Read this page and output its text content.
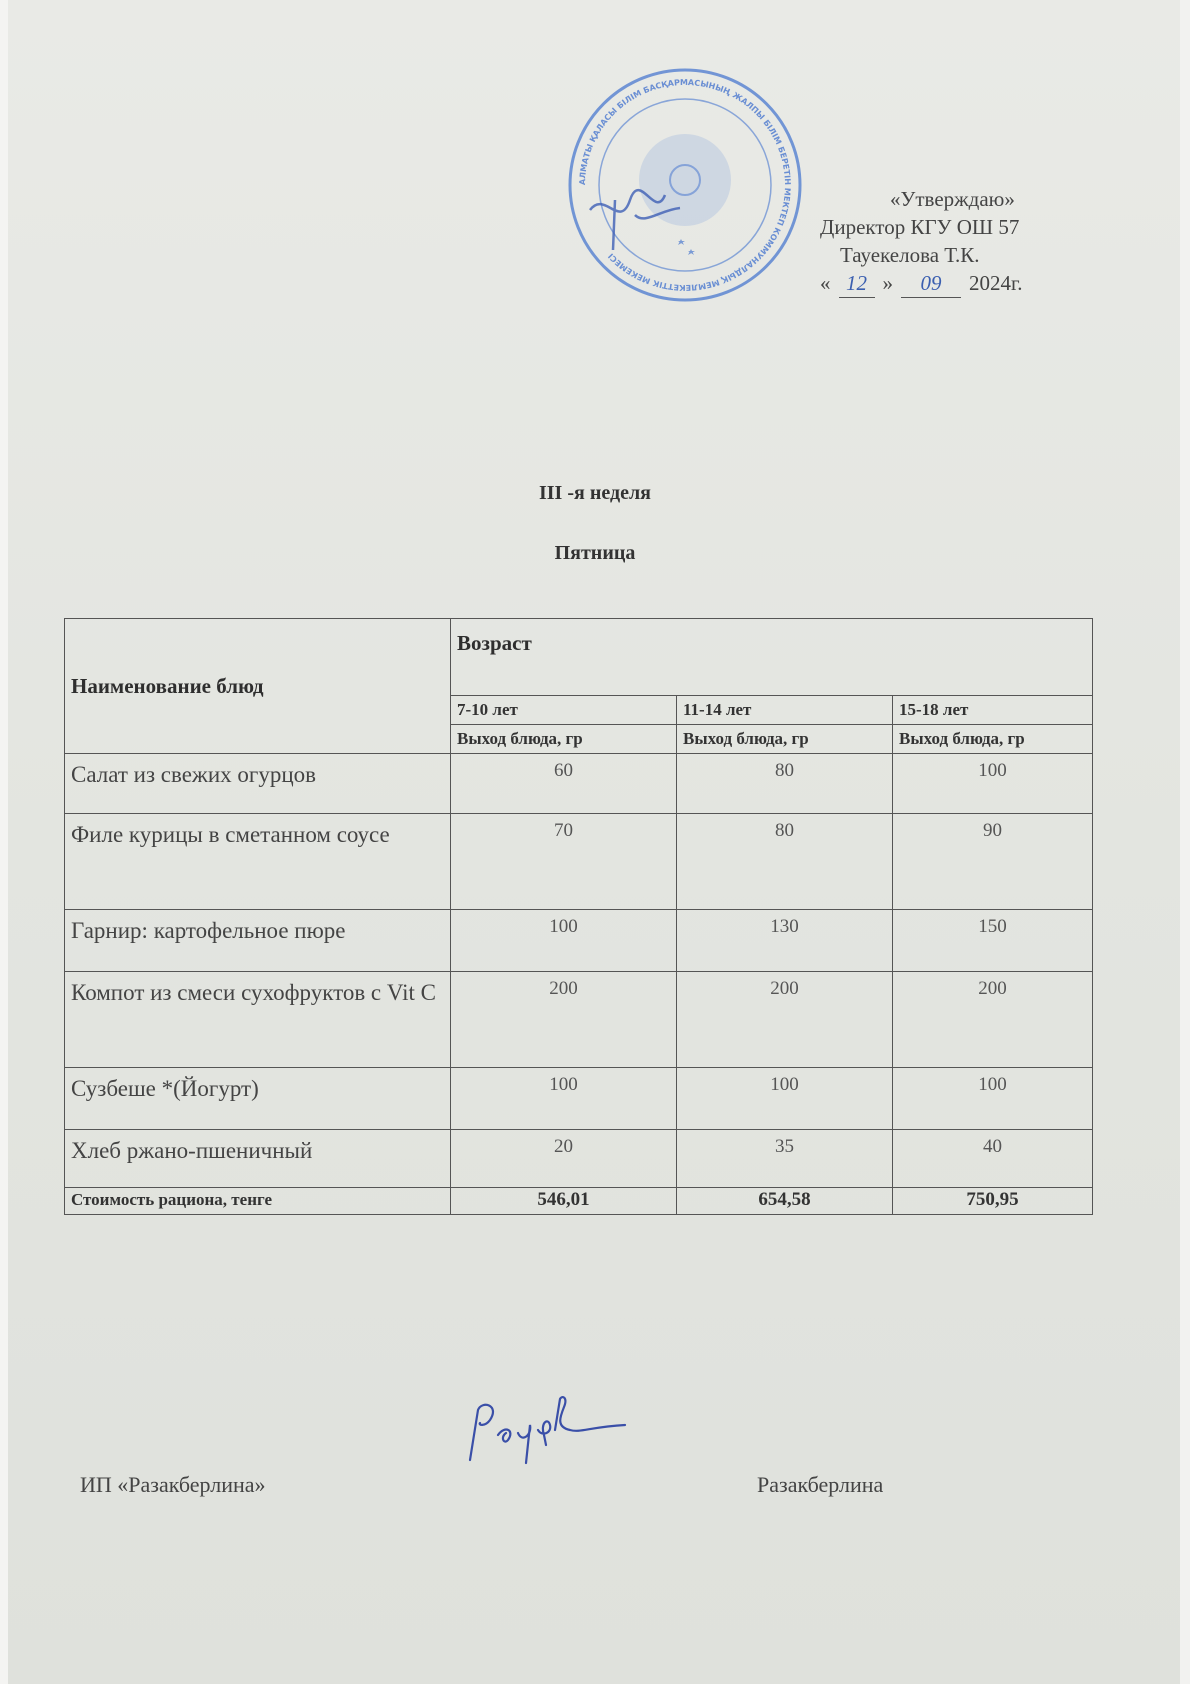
АЛМАТЫ ҚАЛАСЫ БІЛІМ БАСҚАРМАСЫНЫҢ ЖАЛПЫ БІЛІМ БЕРЕТІН МЕКТЕП КОММУНАЛДЫҚ МЕМЛЕКЕТТІК МЕКЕМЕСІ
«Утверждаю»
Директор КГУ ОШ 57
Тауекелова Т.К.
« 12 »	09	2024г.
III -я неделя
Пятница
Наименование блюд	Возраст		
	7-10 лет	11-14 лет	15-18 лет
	Выход блюда, гр	Выход блюда, гр	Выход блюда, гр
Салат из свежих огурцов	60	80	100
Филе курицы в сметанном соусе	70	80	90
Гарнир: картофельное пюре	100	130	150
Компот из смеси сухофруктов с Vit C	200	200	200
Сузбеше *(Йогурт)	100	100	100
Хлеб ржано-пшеничный	20	35	40
Стоимость рациона, тенге	546,01	654,58	750,95
ИП «Разакберлина»	Разакберлина
